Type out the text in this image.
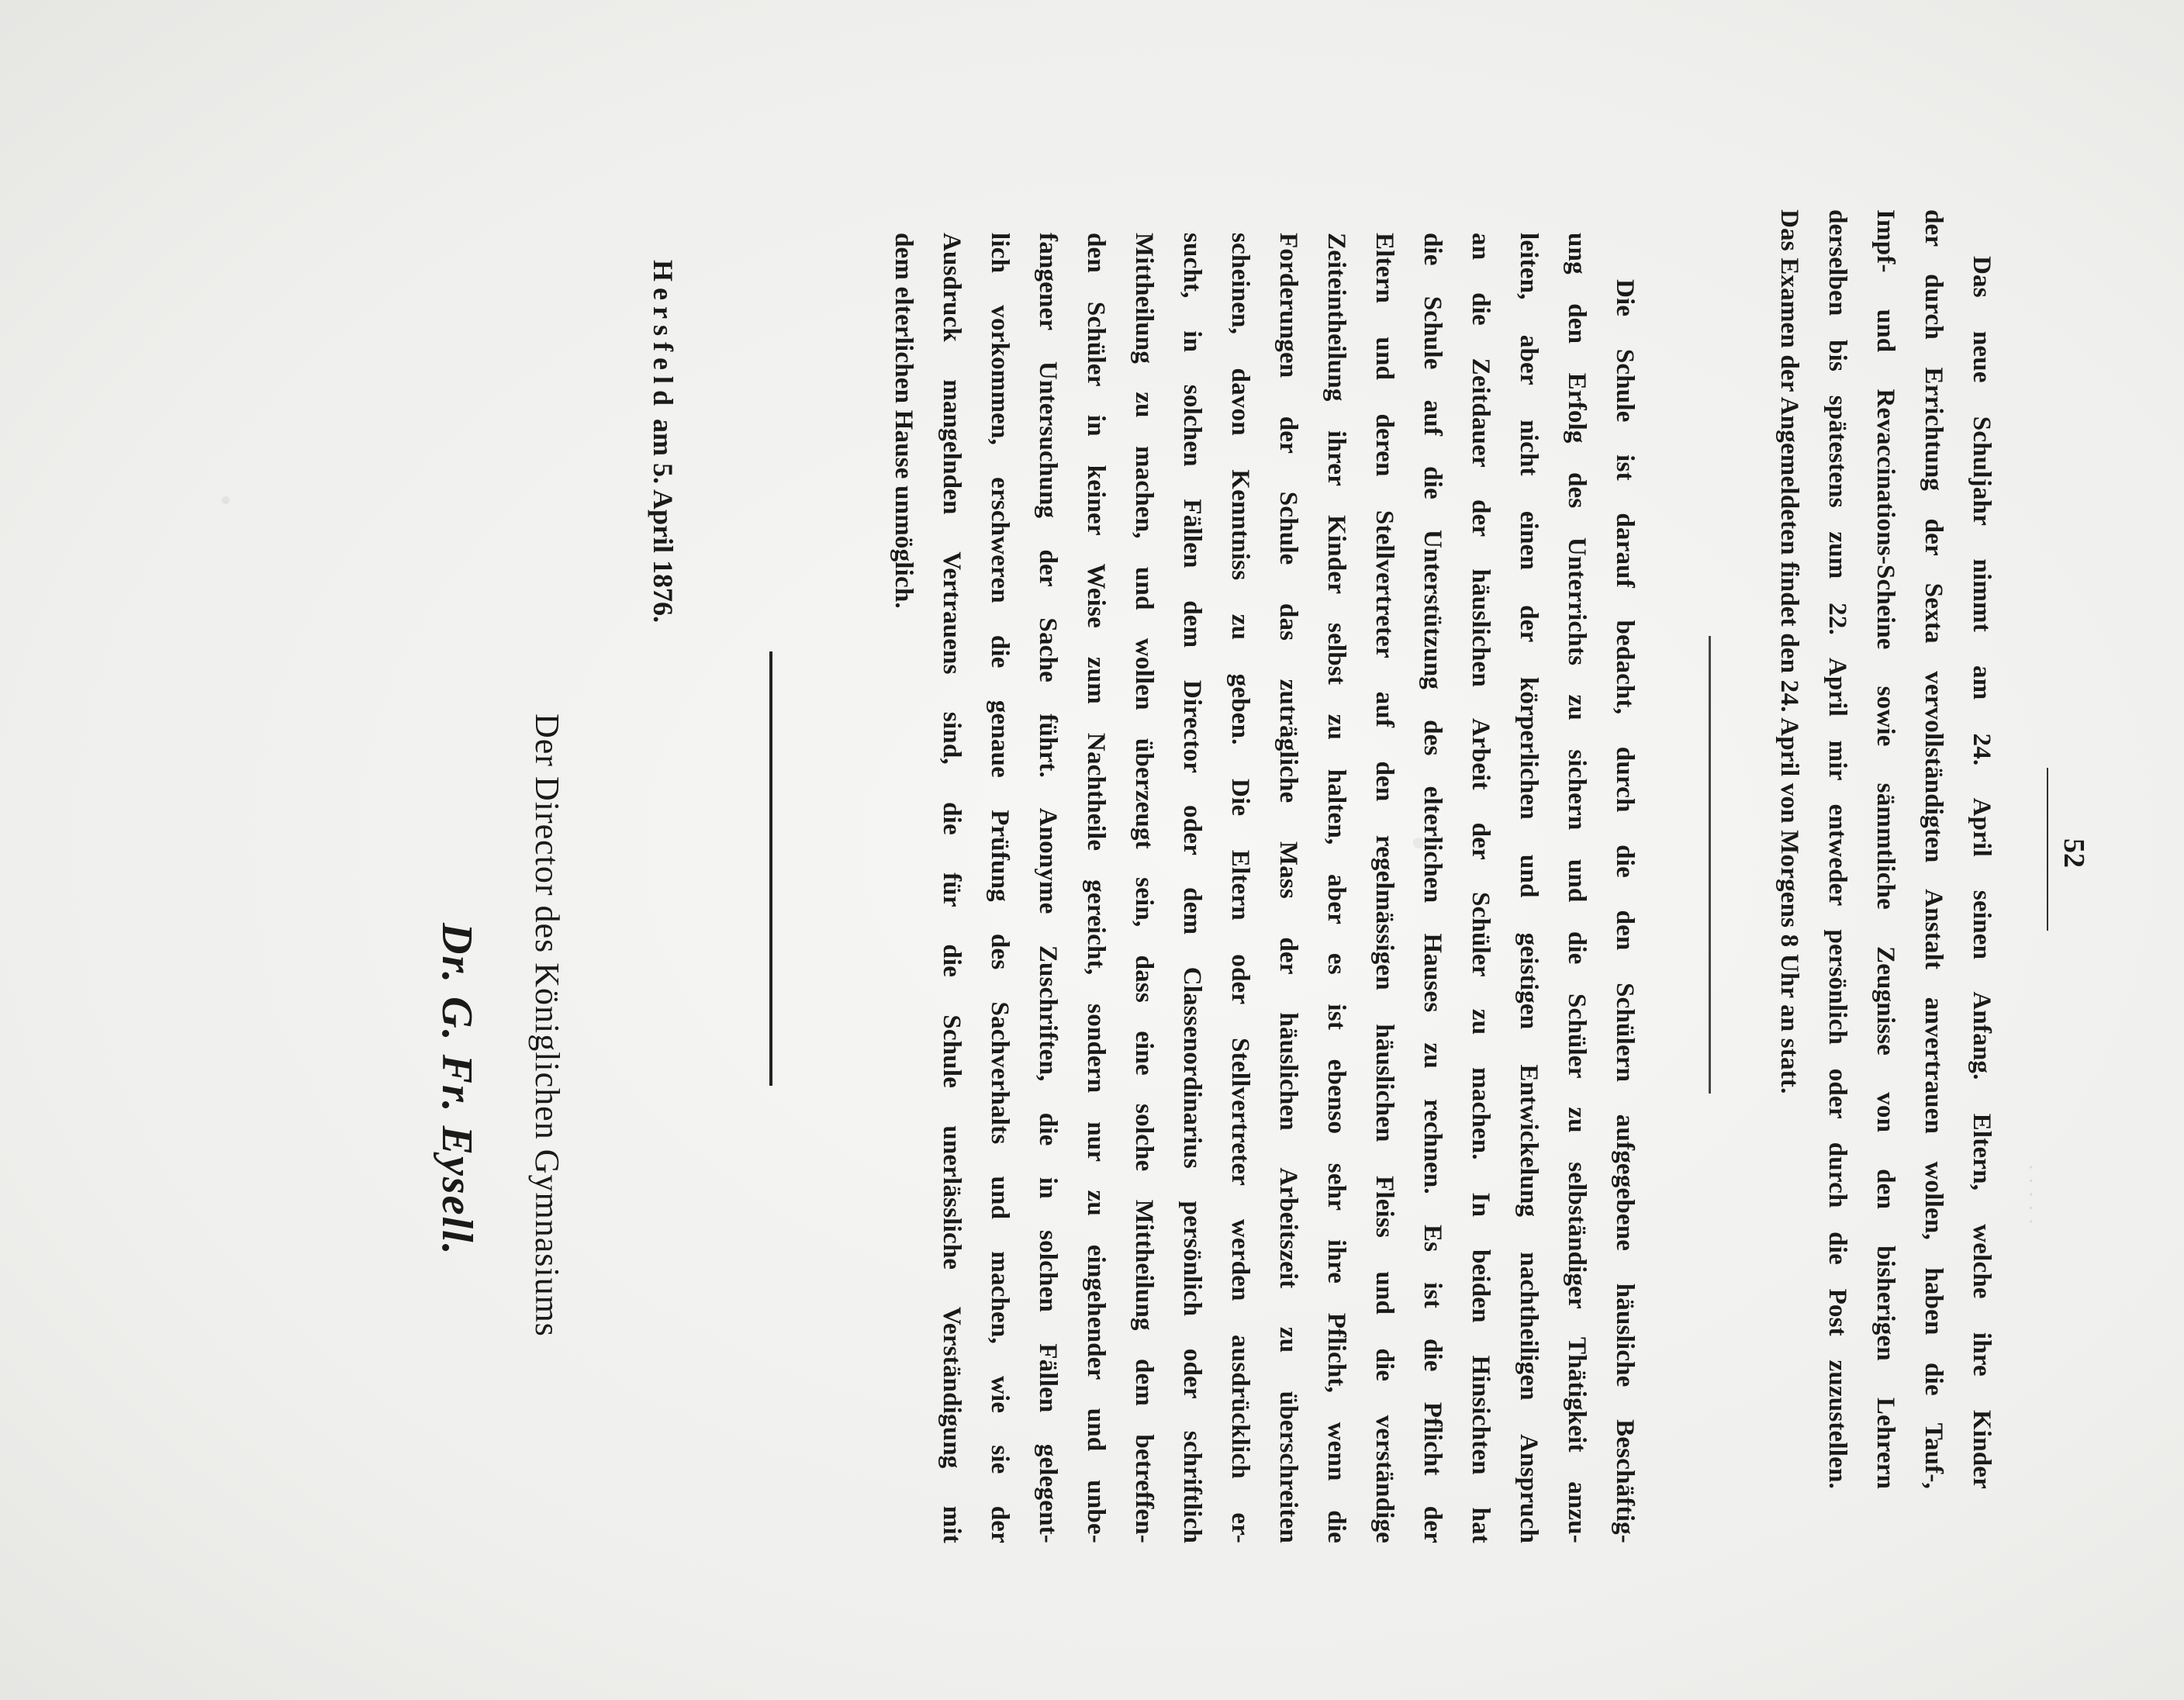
· · · · ·
52
Das neue Schuljahr nimmt am 24. April seinen Anfang. Eltern, welche ihre Kinder
der durch Errichtung der Sexta vervollständigten Anstalt anvertrauen wollen, haben die Tauf-,
Impf- und Revaccinations-Scheine sowie sämmtliche Zeugnisse von den bisherigen Lehrern
derselben bis spätestens zum 22. April mir entweder persönlich oder durch die Post zuzustellen.
Das Examen der Angemeldeten findet den 24. April von Morgens 8 Uhr an statt.
Die Schule ist darauf bedacht, durch die den Schülern aufgegebene häusliche Beschäftig-
ung den Erfolg des Unterrichts zu sichern und die Schüler zu selbständiger Thätigkeit anzu-
leiten, aber nicht einen der körperlichen und geistigen Entwickelung nachtheiligen Anspruch
an die Zeitdauer der häuslichen Arbeit der Schüler zu machen. In beiden Hinsichten hat
die Schule auf die Unterstützung des elterlichen Hauses zu rechnen. Es ist die Pflicht der
Eltern und deren Stellvertreter auf den regelmässigen häuslichen Fleiss und die verständige
Zeiteintheilung ihrer Kinder selbst zu halten, aber es ist ebenso sehr ihre Pflicht, wenn die
Forderungen der Schule das zuträgliche Mass der häuslichen Arbeitszeit zu überschreiten
scheinen, davon Kenntniss zu geben. Die Eltern oder Stellvertreter werden ausdrücklich er-
sucht, in solchen Fällen dem Director oder dem Classenordinarius persönlich oder schriftlich
Mittheilung zu machen, und wollen überzeugt sein, dass eine solche Mittheilung dem betreffen-
den Schüler in keiner Weise zum Nachtheile gereicht, sondern nur zu eingehender und unbe-
fangener Untersuchung der Sache führt. Anonyme Zuschriften, die in solchen Fällen gelegent-
lich vorkommen, erschweren die genaue Prüfung des Sachverhalts und machen, wie sie der
Ausdruck mangelnden Vertrauens sind, die für die Schule unerlässliche Verständigung mit
dem elterlichen Hause unmöglich.
Hersfeld am 5. April 1876.
Der Director des Königlichen Gymnasiums
Dr. G. Fr. Eysell.
